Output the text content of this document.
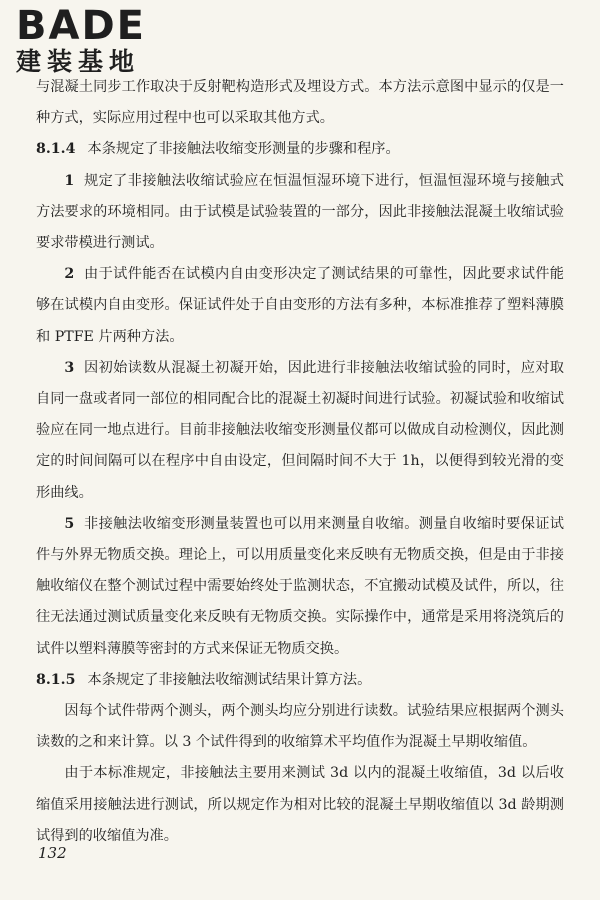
BADE
建装基地

与混凝土同步工作取决于反射靶构造形式及埋设方式。本方法示意图中显示的仅是一种方式，实际应用过程中也可以采取其他方式。

8.1.4 本条规定了非接触法收缩变形测量的步骤和程序。

1 规定了非接触法收缩试验应在恒温恒湿环境下进行，恒温恒湿环境与接触式方法要求的环境相同。由于试模是试验装置的一部分，因此非接触法混凝土收缩试验要求带模进行测试。

2 由于试件能否在试模内自由变形决定了测试结果的可靠性，因此要求试件能够在试模内自由变形。保证试件处于自由变形的方法有多种，本标准推荐了塑料薄膜和 PTFE 片两种方法。

3 因初始读数从混凝土初凝开始，因此进行非接触法收缩试验的同时，应对取自同一盘或者同一部位的相同配合比的混凝土初凝时间进行试验。初凝试验和收缩试验应在同一地点进行。目前非接触法收缩变形测量仪都可以做成自动检测仪，因此测定的时间间隔可以在程序中自由设定，但间隔时间不大于 1h，以便得到较光滑的变形曲线。

5 非接触法收缩变形测量装置也可以用来测量自收缩。测量自收缩时要保证试件与外界无物质交换。理论上，可以用质量变化来反映有无物质交换，但是由于非接触收缩仪在整个测试过程中需要始终处于监测状态，不宜搬动试模及试件，所以，往往无法通过测试质量变化来反映有无物质交换。实际操作中，通常是采用将浇筑后的试件以塑料薄膜等密封的方式来保证无物质交换。

8.1.5 本条规定了非接触法收缩测试结果计算方法。

因每个试件带两个测头，两个测头均应分别进行读数。试验结果应根据两个测头读数的之和来计算。以 3 个试件得到的收缩算术平均值作为混凝土早期收缩值。

由于本标准规定，非接触法主要用来测试 3d 以内的混凝土收缩值，3d 以后收缩值采用接触法进行测试，所以规定作为相对比较的混凝土早期收缩值以 3d 龄期测试得到的收缩值为准。

132
